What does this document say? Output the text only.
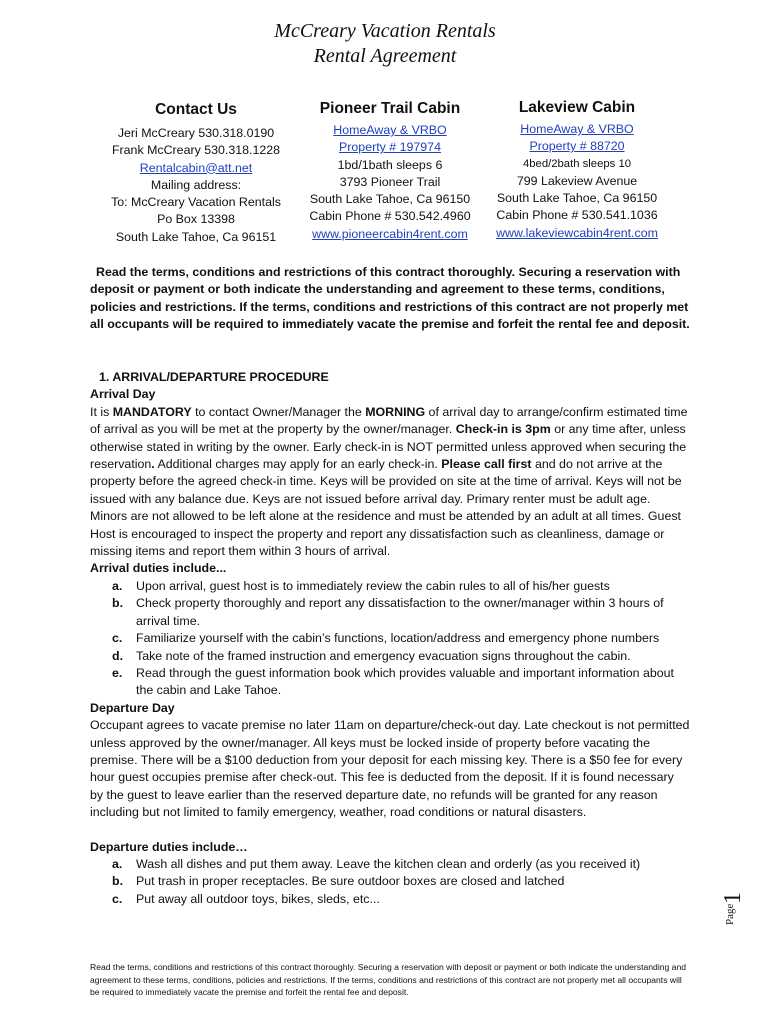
McCreary Vacation Rentals
Rental Agreement
Contact Us
Jeri McCreary 530.318.0190
Frank McCreary 530.318.1228
Rentalcabin@att.net
Mailing address:
To: McCreary Vacation Rentals
Po Box 13398
South Lake Tahoe, Ca 96151
Pioneer Trail Cabin
HomeAway & VRBO
Property # 197974
1bd/1bath sleeps 6
3793 Pioneer Trail
South Lake Tahoe, Ca 96150
Cabin Phone # 530.542.4960
www.pioneercabin4rent.com
Lakeview Cabin
HomeAway & VRBO
Property # 88720
4bed/2bath sleeps 10
799 Lakeview Avenue
South Lake Tahoe, Ca 96150
Cabin Phone # 530.541.1036
www.lakeviewcabin4rent.com
Read the terms, conditions and restrictions of this contract thoroughly. Securing a reservation with deposit or payment or both indicate the understanding and agreement to these terms, conditions, policies and restrictions. If the terms, conditions and restrictions of this contract are not properly met all occupants will be required to immediately vacate the premise and forfeit the rental fee and deposit.
1. ARRIVAL/DEPARTURE PROCEDURE
Arrival Day

It is MANDATORY to contact Owner/Manager the MORNING of arrival day to arrange/confirm estimated time of arrival as you will be met at the property by the owner/manager. Check-in is 3pm or any time after, unless otherwise stated in writing by the owner. Early check-in is NOT permitted unless approved when securing the reservation. Additional charges may apply for an early check-in. Please call first and do not arrive at the property before the agreed check-in time. Keys will be provided on site at the time of arrival. Keys will not be issued with any balance due. Keys are not issued before arrival day. Primary renter must be adult age. Minors are not allowed to be left alone at the residence and must be attended by an adult at all times. Guest Host is encouraged to inspect the property and report any dissatisfaction such as cleanliness, damage or missing items and report them within 3 hours of arrival.

Arrival duties include...
a. Upon arrival, guest host is to immediately review the cabin rules to all of his/her guests
b. Check property thoroughly and report any dissatisfaction to the owner/manager within 3 hours of arrival time.
c. Familiarize yourself with the cabin’s functions, location/address and emergency phone numbers
d. Take note of the framed instruction and emergency evacuation signs throughout the cabin.
e. Read through the guest information book which provides valuable and important information about the cabin and Lake Tahoe.
Departure Day

Occupant agrees to vacate premise no later 11am on departure/check-out day. Late checkout is not permitted unless approved by the owner/manager. All keys must be locked inside of property before vacating the premise. There will be a $100 deduction from your deposit for each missing key. There is a $50 fee for every hour guest occupies premise after check-out. This fee is deducted from the deposit. If it is found necessary by the guest to leave earlier than the reserved departure date, no refunds will be granted for any reason including but not limited to family emergency, weather, road conditions or natural disasters.

Departure duties include…
a. Wash all dishes and put them away. Leave the kitchen clean and orderly (as you received it)
b. Put trash in proper receptacles. Be sure outdoor boxes are closed and latched
c. Put away all outdoor toys, bikes, sleds, etc...
Page
1
Read the terms, conditions and restrictions of this contract thoroughly. Securing a reservation with deposit or payment or both indicate the understanding and agreement to these terms, conditions, policies and restrictions. If the terms, conditions and restrictions of this contract are not properly met all occupants will be required to immediately vacate the premise and forfeit the rental fee and deposit.
